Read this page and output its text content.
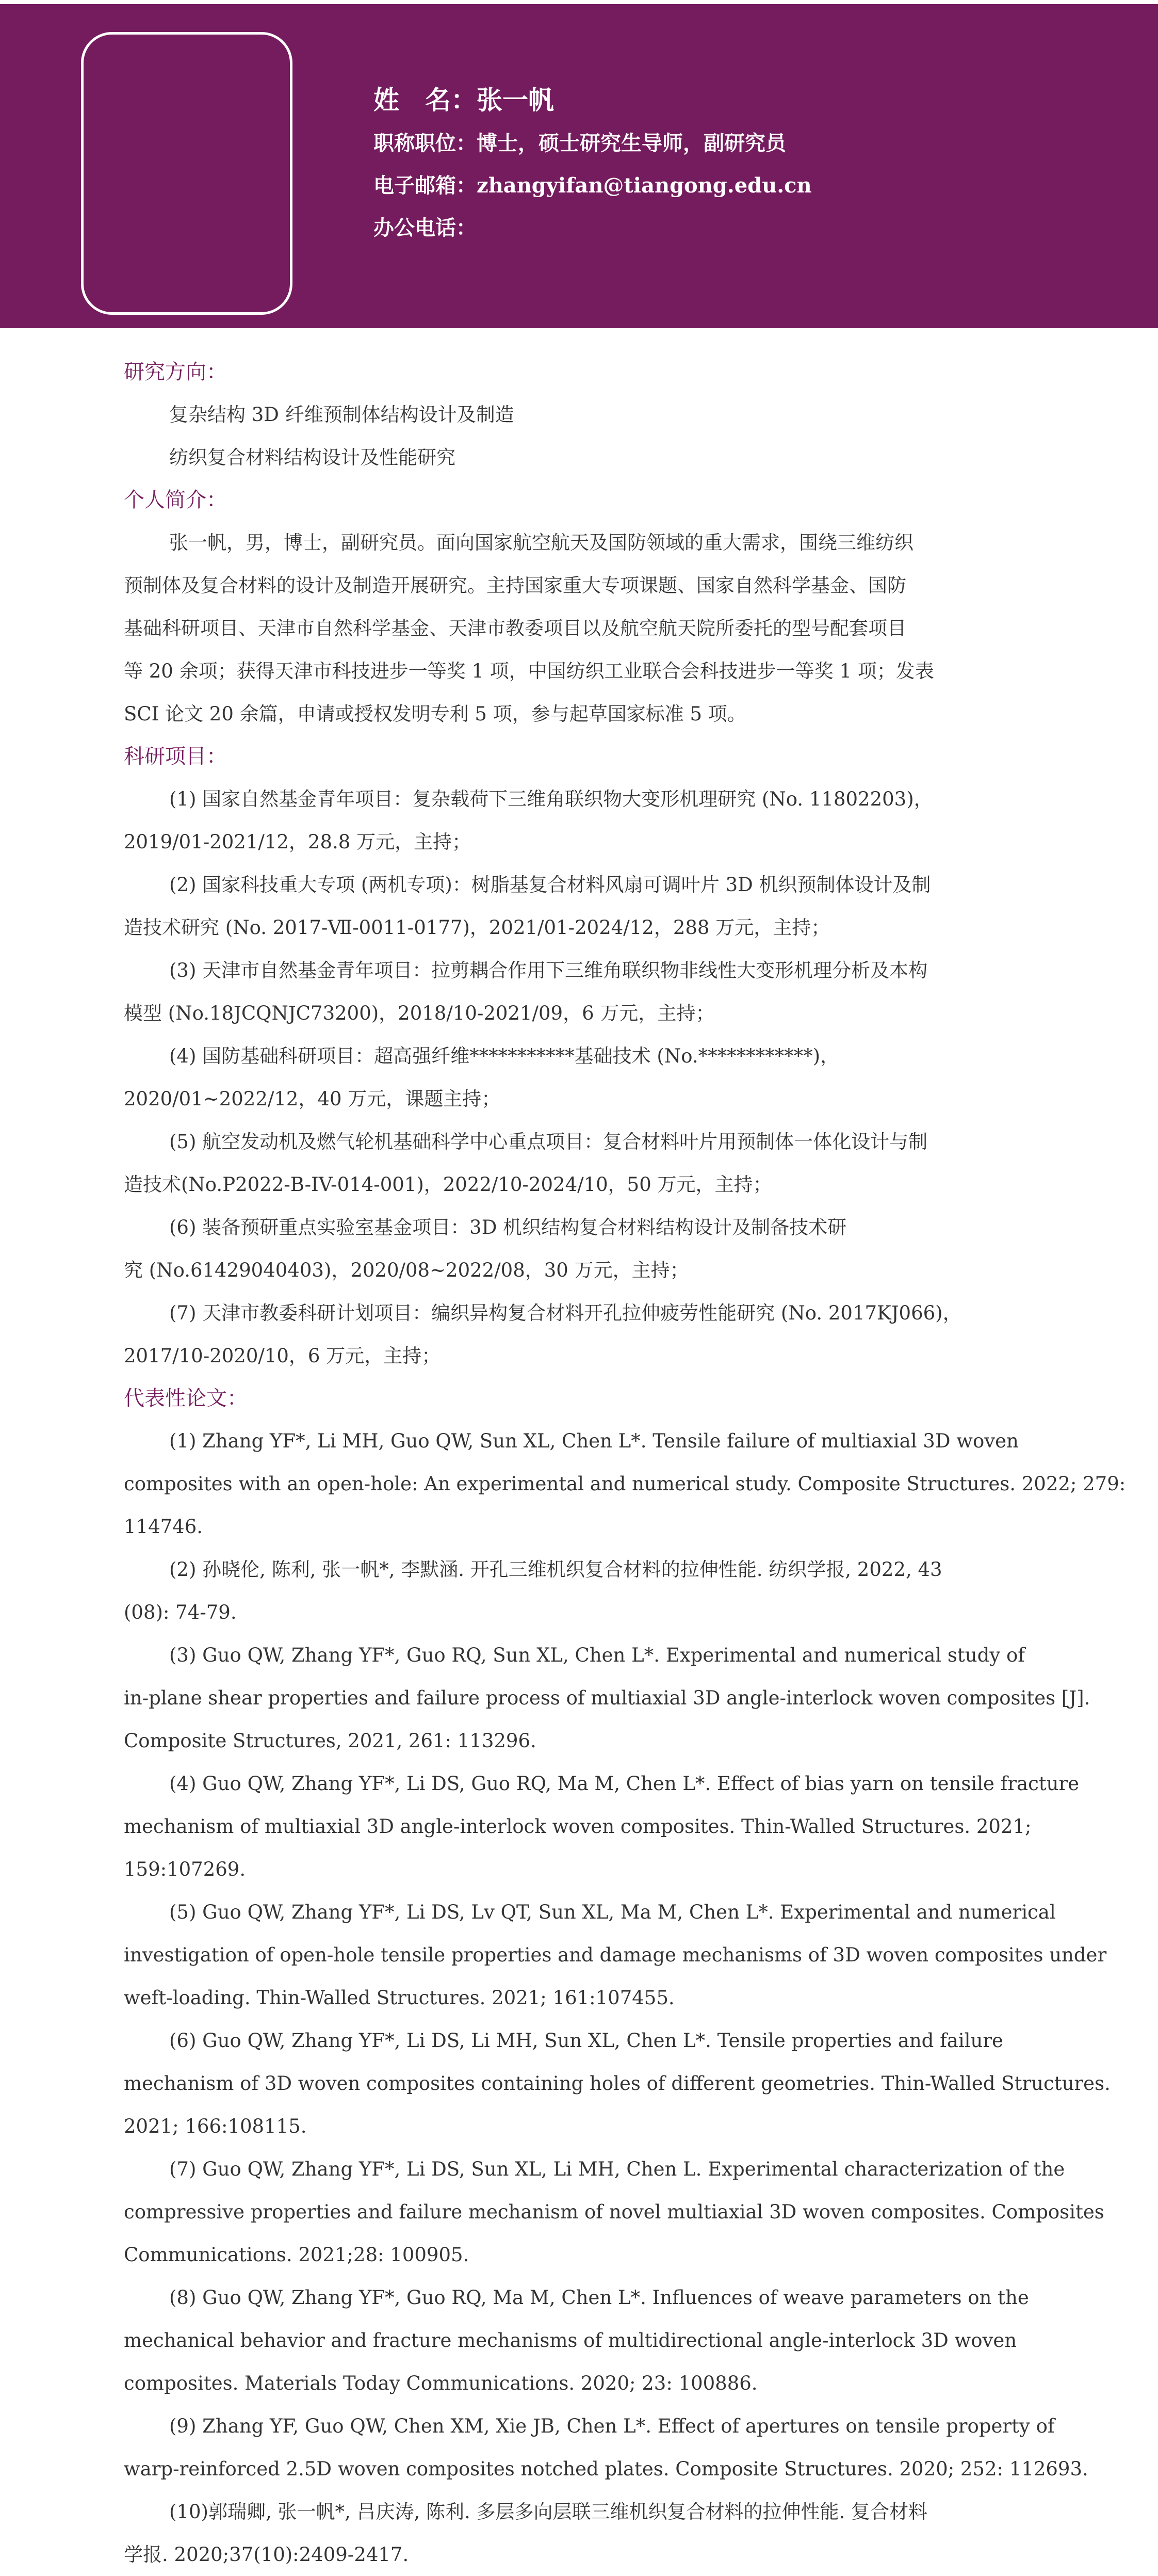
姓　名：张一帆
职称职位：博士，硕士研究生导师，副研究员
电子邮箱：zhangyifan@tiangong.edu.cn
办公电话：
研究方向：
复杂结构 3D 纤维预制体结构设计及制造
纺织复合材料结构设计及性能研究
个人简介：
张一帆，男，博士，副研究员。面向国家航空航天及国防领域的重大需求，围绕三维纺织
预制体及复合材料的设计及制造开展研究。主持国家重大专项课题、国家自然科学基金、国防
基础科研项目、天津市自然科学基金、天津市教委项目以及航空航天院所委托的型号配套项目
等 20 余项；获得天津市科技进步一等奖 1 项，中国纺织工业联合会科技进步一等奖 1 项；发表
SCI 论文 20 余篇，申请或授权发明专利 5 项，参与起草国家标准 5 项。
科研项目：
(1) 国家自然基金青年项目：复杂载荷下三维角联织物大变形机理研究 (No. 11802203)，
2019/01-2021/12，28.8 万元，主持；
(2) 国家科技重大专项 (两机专项)：树脂基复合材料风扇可调叶片 3D 机织预制体设计及制
造技术研究 (No. 2017-Ⅶ-0011-0177)，2021/01-2024/12，288 万元，主持；
(3) 天津市自然基金青年项目：拉剪耦合作用下三维角联织物非线性大变形机理分析及本构
模型 (No.18JCQNJC73200)，2018/10-2021/09，6 万元，主持；
(4) 国防基础科研项目：超高强纤维***********基础技术 (No.************)，
2020/01~2022/12，40 万元，课题主持；
(5) 航空发动机及燃气轮机基础科学中心重点项目：复合材料叶片用预制体一体化设计与制
造技术(No.P2022-B-IV-014-001)，2022/10-2024/10，50 万元，主持；
(6) 装备预研重点实验室基金项目：3D 机织结构复合材料结构设计及制备技术研
究 (No.61429040403)，2020/08~2022/08，30 万元，主持；
(7) 天津市教委科研计划项目：编织异构复合材料开孔拉伸疲劳性能研究 (No. 2017KJ066)，
2017/10-2020/10，6 万元，主持；
代表性论文：
(1) Zhang YF*, Li MH, Guo QW, Sun XL, Chen L*. Tensile failure of multiaxial 3D woven
composites with an open-hole: An experimental and numerical study. Composite Structures. 2022; 279:
114746.
(2) 孙晓伦, 陈利, 张一帆*, 李默涵. 开孔三维机织复合材料的拉伸性能. 纺织学报, 2022, 43
(08): 74-79.
(3) Guo QW, Zhang YF*, Guo RQ, Sun XL, Chen L*. Experimental and numerical study of
in-plane shear properties and failure process of multiaxial 3D angle-interlock woven composites [J].
Composite Structures, 2021, 261: 113296.
(4) Guo QW, Zhang YF*, Li DS, Guo RQ, Ma M, Chen L*. Effect of bias yarn on tensile fracture
mechanism of multiaxial 3D angle-interlock woven composites. Thin-Walled Structures. 2021;
159:107269.
(5) Guo QW, Zhang YF*, Li DS, Lv QT, Sun XL, Ma M, Chen L*. Experimental and numerical
investigation of open-hole tensile properties and damage mechanisms of 3D woven composites under
weft-loading. Thin-Walled Structures. 2021; 161:107455.
(6) Guo QW, Zhang YF*, Li DS, Li MH, Sun XL, Chen L*. Tensile properties and failure
mechanism of 3D woven composites containing holes of different geometries. Thin-Walled Structures.
2021; 166:108115.
(7) Guo QW, Zhang YF*, Li DS, Sun XL, Li MH, Chen L. Experimental characterization of the
compressive properties and failure mechanism of novel multiaxial 3D woven composites. Composites
Communications. 2021;28: 100905.
(8) Guo QW, Zhang YF*, Guo RQ, Ma M, Chen L*. Influences of weave parameters on the
mechanical behavior and fracture mechanisms of multidirectional angle-interlock 3D woven
composites. Materials Today Communications. 2020; 23: 100886.
(9) Zhang YF, Guo QW, Chen XM, Xie JB, Chen L*. Effect of apertures on tensile property of
warp-reinforced 2.5D woven composites notched plates. Composite Structures. 2020; 252: 112693.
(10)郭瑞卿, 张一帆*, 吕庆涛, 陈利. 多层多向层联三维机织复合材料的拉伸性能. 复合材料
学报. 2020;37(10):2409-2417.
